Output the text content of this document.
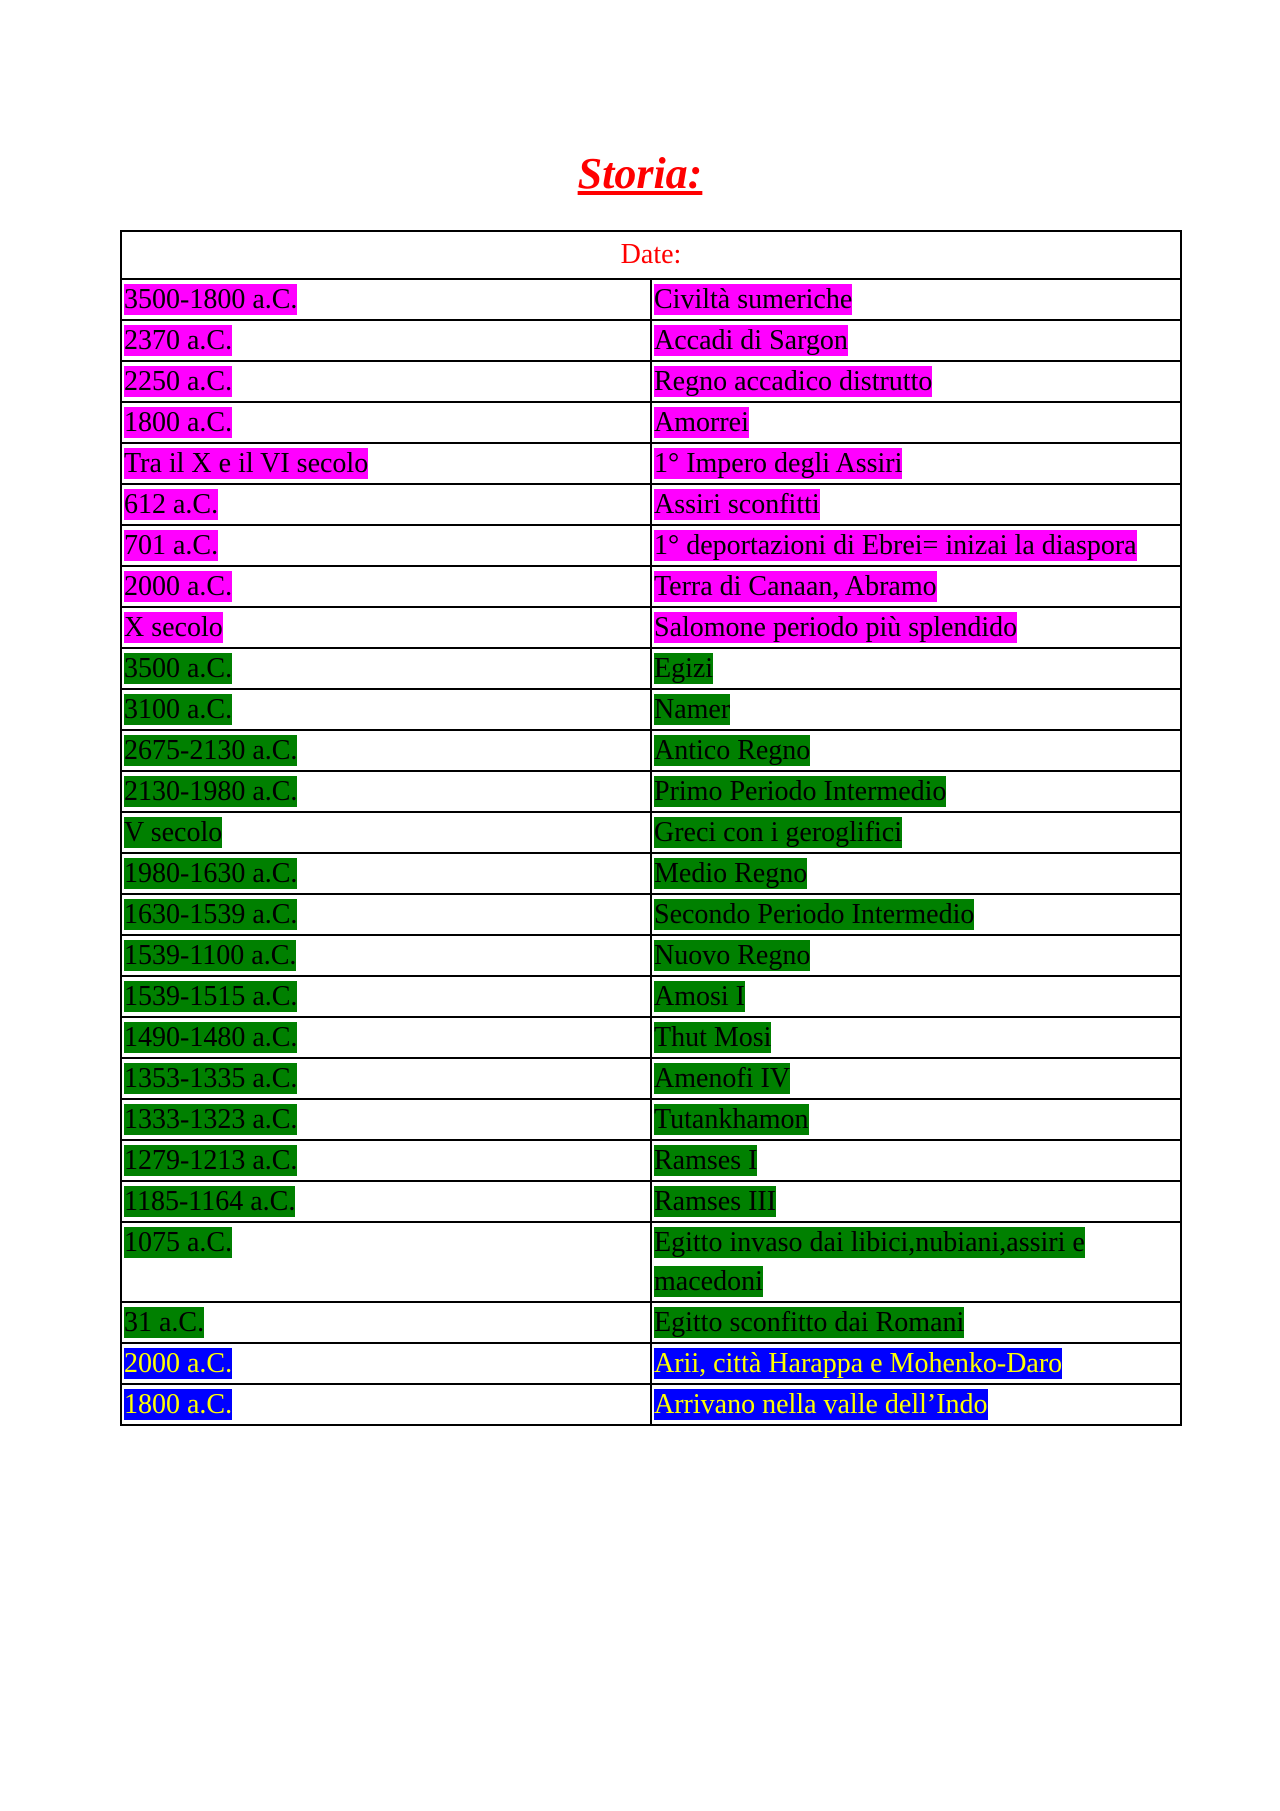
Storia:
Date:	
3500-1800 a.C.	Civiltà sumeriche
2370 a.C.	Accadi di Sargon
2250 a.C.	Regno accadico distrutto
1800 a.C.	Amorrei
Tra il X e il VI secolo	1° Impero degli Assiri
612 a.C.	Assiri sconfitti
701 a.C.	1° deportazioni di Ebrei= inizai la diaspora
2000 a.C.	Terra di Canaan, Abramo
X secolo	Salomone periodo più splendido
3500 a.C.	Egizi
3100 a.C.	Namer
2675-2130 a.C.	Antico Regno
2130-1980 a.C.	Primo Periodo Intermedio
V secolo	Greci con i geroglifici
1980-1630 a.C.	Medio Regno
1630-1539 a.C.	Secondo Periodo Intermedio
1539-1100 a.C.	Nuovo Regno
1539-1515 a.C.	Amosi I
1490-1480 a.C.	Thut Mosi
1353-1335 a.C.	Amenofi IV
1333-1323 a.C.	Tutankhamon
1279-1213 a.C.	Ramses I
1185-1164 a.C.	Ramses III
1075 a.C.	Egitto invaso dai libici,nubiani,assiri e macedoni
31 a.C.	Egitto sconfitto dai Romani
2000 a.C.	Arii, città Harappa e Mohenko-Daro
1800 a.C.	Arrivano nella valle dell’Indo
